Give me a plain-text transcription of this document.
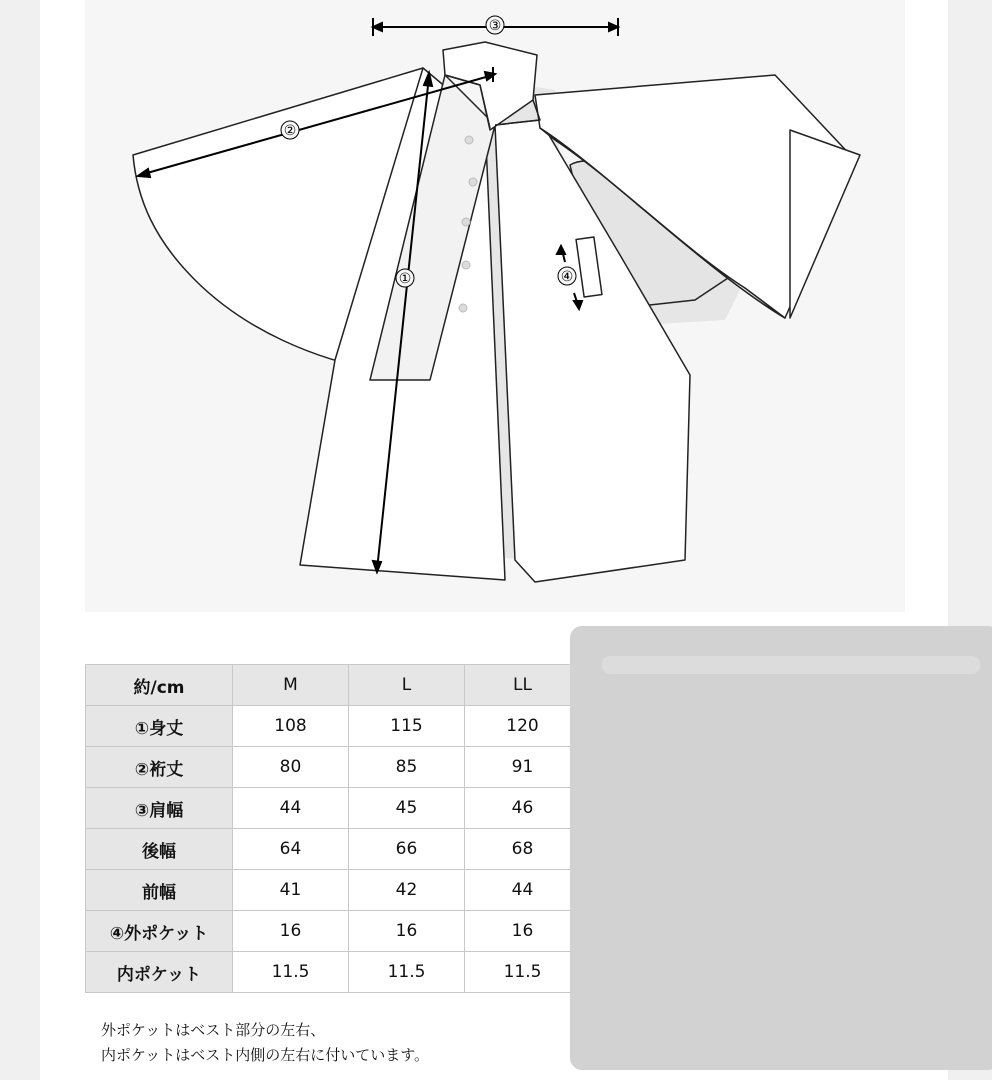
③
②
①	④
約/cm	M	L	LL
①身丈	108	115	120
②裄丈	80	85	91
③肩幅	44	45	46
後幅	64	66	68
前幅	41	42	44
④外ポケット	16	16	16
内ポケット	11.5	11.5	11.5
外ポケットはベスト部分の左右、
内ポケットはベスト内側の左右に付いています。
